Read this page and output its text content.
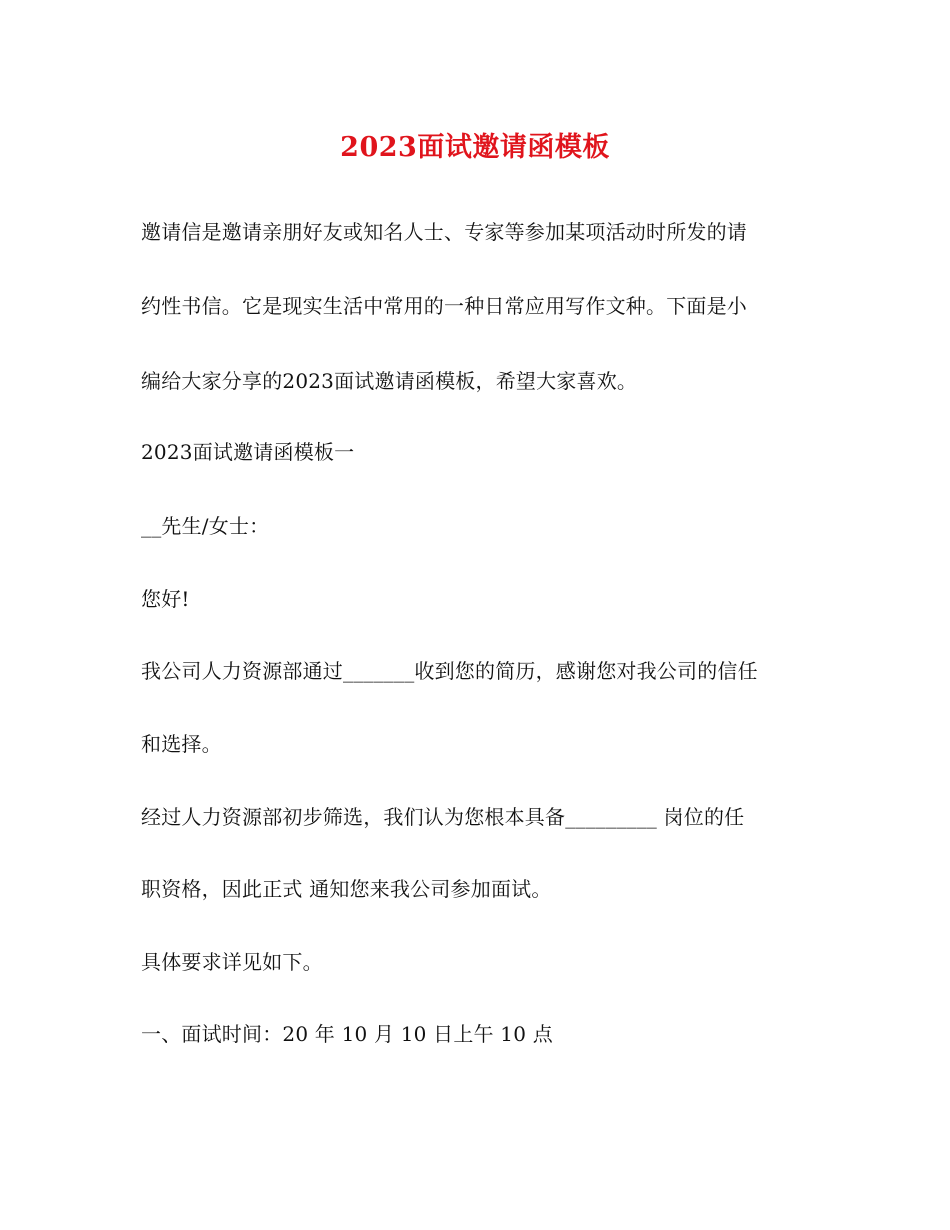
2023面试邀请函模板
邀请信是邀请亲朋好友或知名人士、专家等参加某项活动时所发的请
约性书信。它是现实生活中常用的一种日常应用写作文种。下面是小
编给大家分享的2023面试邀请函模板，希望大家喜欢。
2023面试邀请函模板一
__先生/女士：
您好!
我公司人力资源部通过_______收到您的简历，感谢您对我公司的信任
和选择。
经过人力资源部初步筛选，我们认为您根本具备_________ 岗位的任
职资格，因此正式 通知您来我公司参加面试。
具体要求详见如下。
一、面试时间：20 年 10 月 10 日上午 10 点
